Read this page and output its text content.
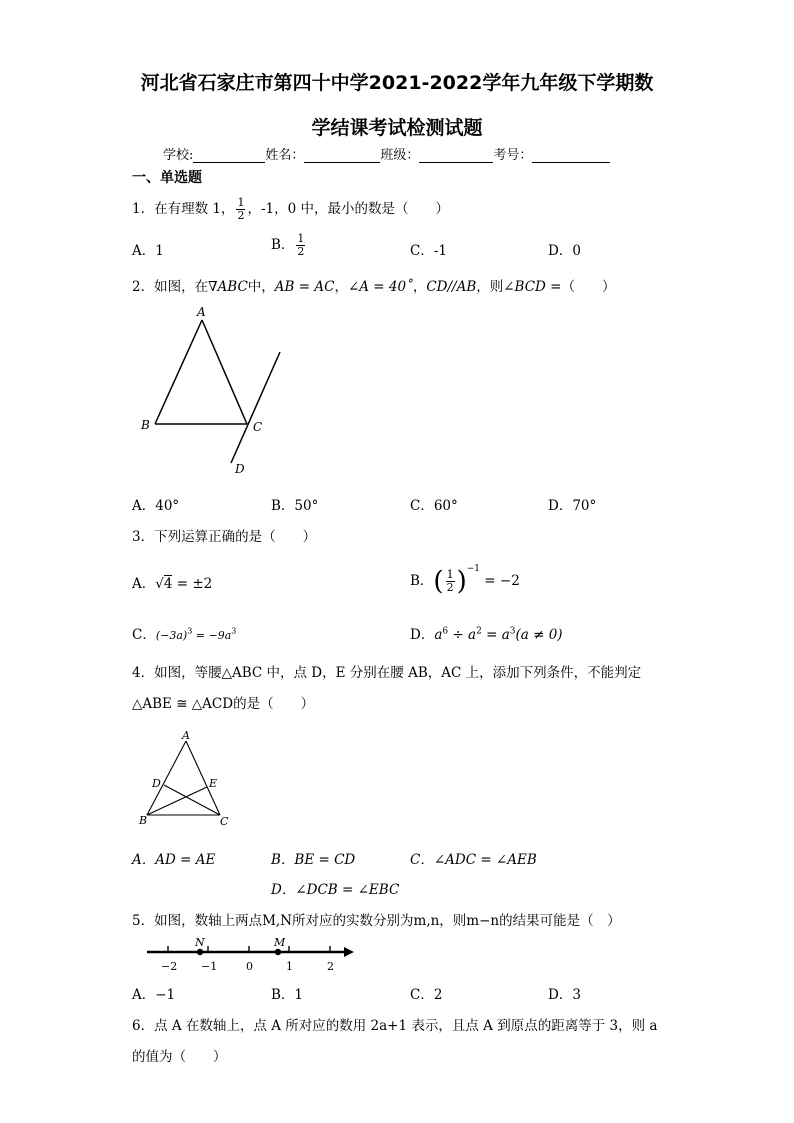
河北省石家庄市第四十中学2021-2022学年九年级下学期数
学结课考试检测试题
学校:	姓名：	班级：	考号：
一、单选题
1．在有理数 1， $\frac{1}{2}$ ，-1，0 中，最小的数是（　　）
A．1	B． $\frac{1}{2}$	C．-1	D．0
2．如图，在∇ABC中，AB = AC，∠A = 40˚，CD//AB，则∠BCD =（　　）
A
B	C
D
A．40°	B．50°	C．60°	D．70°
3．下列运算正确的是（　　）
A．√4 = ±2	B．( $\frac{1}{2} )^{-1} = -2$
C．$(-3a)^3 = -9a^3$	D．$a^6 \div a^2 = a^3(a \ne 0)$
4．如图，等腰△ABC 中，点 D，E 分别在腰 AB，AC 上，添加下列条件，不能判定
△ABE ≅ △ACD的是（　　）
A
B	C
D	E
A．AD = AE	B．BE = CD	C．∠ADC = ∠AEB
D．∠DCB = ∠EBC
5．如图，数轴上两点M,N所对应的实数分别为m,n，则m−n的结果可能是（　）
N	M
−2 −1	0	1	2
A．−1	B．1	C．2	D．3
6．点 A 在数轴上，点 A 所对应的数用 2a+1 表示，且点 A 到原点的距离等于 3，则 a
的值为（　　）
